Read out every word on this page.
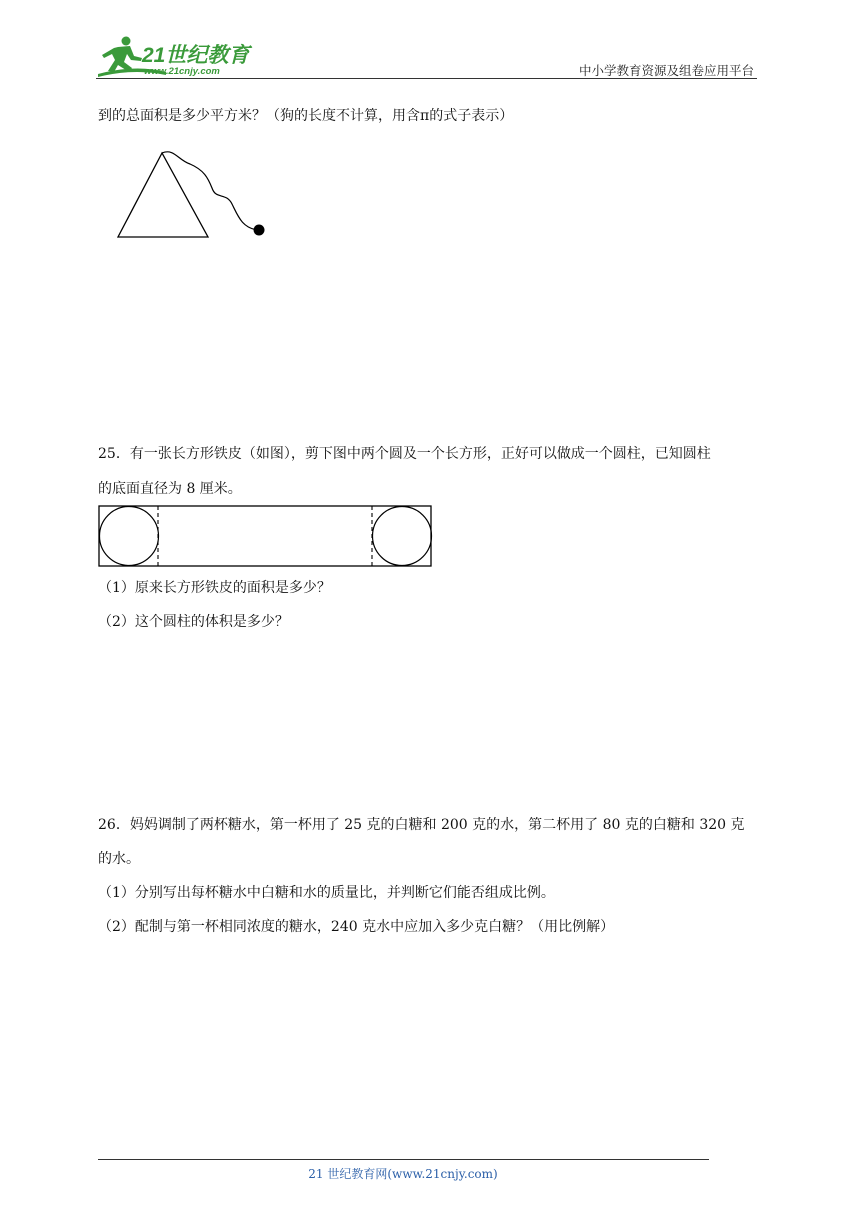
21世纪教育
www.21cnjy.com	中小学教育资源及组卷应用平台
到的总面积是多少平方米？（狗的长度不计算，用含π的式子表示）
25．有一张长方形铁皮（如图），剪下图中两个圆及一个长方形，正好可以做成一个圆柱，已知圆柱
的底面直径为 8 厘米。
（1）原来长方形铁皮的面积是多少？
（2）这个圆柱的体积是多少？
26．妈妈调制了两杯糖水，第一杯用了 25 克的白糖和 200 克的水，第二杯用了 80 克的白糖和 320 克
的水。
（1）分别写出每杯糖水中白糖和水的质量比，并判断它们能否组成比例。
（2）配制与第一杯相同浓度的糖水，240 克水中应加入多少克白糖？（用比例解）
21 世纪教育网(www.21cnjy.com)
